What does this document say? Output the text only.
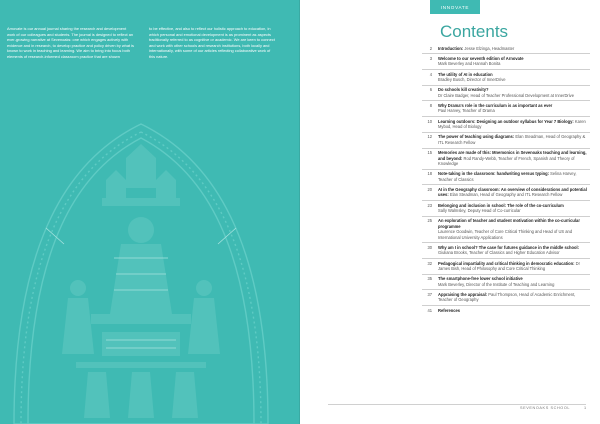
Arnovate is our annual journal sharing the research and development work of our colleagues and students. The journal is designed to reflect an ever-growing narrative at Sevenoaks: one which engages actively with evidence and in research, to develop practice and policy driven by what is known to work in teaching and learning. We aim to bring into focus both elements of research-informed classroom practice that are shown

to be effective, and also to reflect our holistic approach to education, in which personal and emotional development is as prominent as aspects traditionally referred to as cognitive or academic. We are keen to connect and work with other schools and research institutions, both locally and internationally, with some of our articles reflecting collaborative work of this nature.

INNOVATE
Contents
2 Introduction: Jesse Elzinga, Headmaster
3 Welcome to our seventh edition of Arnovate
Mark Beverley and Hannah Bonita
4 The utility of AI in education
Bradley Busch, Director of InnerDrive
6 Do schools kill creativity?
Dr Claire Badger, Head of Teacher Professional Development at InnerDrive
8 Why Drama's role in the curriculum is as important as ever
Paul Harvey, Teacher of Drama
10 Learning outdoors: Designing an outdoor syllabus for Year 7 Biology: Karen Mybod, Head of Biology
12 The power of teaching using diagrams: Elan Steadman, Head of Geography & ITL Research Fellow
15 Memories are made of this: Mnemonics in Sevenoaks teaching and learning, and beyond: Rod Randy-Webb, Teacher of French, Spanish and Theory of Knowledge
18 Note-taking in the classroom: handwriting versus typing: Selina Harvey, Teacher of Classics
20 AI in the Geography classroom: An overview of considerations and potential uses: Elan Steadman, Head of Geography and ITL Research Fellow
23 Belonging and inclusion in school: The role of the co-curriculum
Sally Walmsley, Deputy Head of Co-curricular
25 An exploration of teacher and student motivation within the co-curricular programme
Laurence Goodwin, Teacher of Core Critical Thinking and Head of US and International University Applications
30 Why am I in school? The case for futures guidance in the middle school: Giuliana Brooks, Teacher of Classics and Higher Education Advisor
32 Pedagogical impartiality and critical thinking in democratic education: Dr James Bish, Head of Philosophy and Core Critical Thinking
35 The smartphone-free lower school initiative
Mark Beverley, Director of the Institute of Teaching and Learning
37 Appraising the appraisal: Paul Thompson, Head of Academic Enrichment, Teacher of Geography
41 References
SEVENOAKS SCHOOL	1
